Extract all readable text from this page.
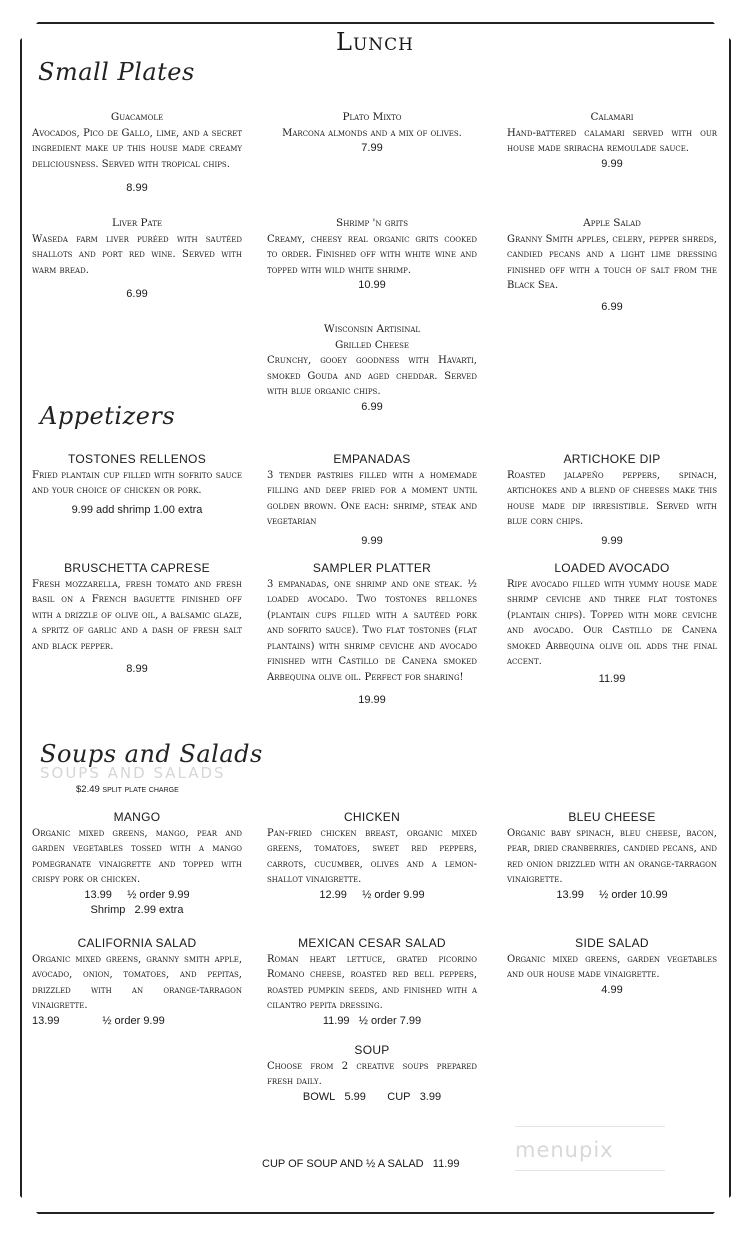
Lunch
Small Plates
Appetizers
SOUPS AND SALADS
Soups and Salads
$2.49 split plate charge
Guacamole
Avocados, Pico de Gallo, lime, and a secret ingredient make up this house made creamy deliciousness. Served with tropical chips.
8.99
Plato Mixto
Marcona almonds and a mix of olives.
7.99
Calamari
Hand-battered calamari served with our house made sriracha remoulade sauce.
9.99
Liver Pate
Waseda farm liver puréed with sautéed shallots and port red wine. Served with warm bread.
6.99
Shrimp 'n grits
Creamy, cheesy real organic grits cooked to order. Finished off with white wine and topped with wild white shrimp.
10.99
Apple Salad
Granny Smith apples, celery, pepper shreds, candied pecans and a light lime dressing finished off with a touch of salt from the Black Sea.
6.99
Wisconsin Artisinal
Grilled Cheese
Crunchy, gooey goodness with Havarti, smoked Gouda and aged cheddar. Served with blue organic chips.
6.99
TOSTONES RELLENOS
Fried plantain cup filled with sofrito sauce and your choice of chicken or pork.
9.99 add shrimp 1.00 extra
EMPANADAS
3 tender pastries filled with a homemade filling and deep fried for a moment until golden brown. One each: shrimp, steak and vegetarian
9.99
ARTICHOKE DIP
Roasted jalapeño peppers, spinach, artichokes and a blend of cheeses make this house made dip irresistible. Served with blue corn chips.
9.99
BRUSCHETTA CAPRESE
Fresh mozzarella, fresh tomato and fresh basil on a French baguette finished off with a drizzle of olive oil, a balsamic glaze, a spritz of garlic and a dash of fresh salt and black pepper.
8.99
SAMPLER PLATTER
3 empanadas, one shrimp and one steak. ½ loaded avocado. Two tostones rellones (plantain cups filled with a sautéed pork and sofrito sauce). Two flat tostones (flat plantains) with shrimp ceviche and avocado finished with Castillo de Canena smoked Arbequina olive oil. Perfect for sharing!
19.99
LOADED AVOCADO
Ripe avocado filled with yummy house made shrimp ceviche and three flat tostones (plantain chips). Topped with more ceviche and avocado. Our Castillo de Canena smoked Arbequina olive oil adds the final accent.
11.99
MANGO
Organic mixed greens, mango, pear and garden vegetables tossed with a mango pomegranate vinaigrette and topped with crispy pork or chicken.
13.99 ½ order 9.99
Shrimp 2.99 extra
CHICKEN
Pan-fried chicken breast, organic mixed greens, tomatoes, sweet red peppers, carrots, cucumber, olives and a lemon-shallot vinaigrette.
12.99 ½ order 9.99
BLEU CHEESE
Organic baby spinach, bleu cheese, bacon, pear, dried cranberries, candied pecans, and red onion drizzled with an orange-tarragon vinaigrette.
13.99 ½ order 10.99
CALIFORNIA SALAD
Organic mixed greens, granny smith apple, avocado, onion, tomatoes, and pepitas, drizzled with an orange-tarragon vinaigrette.
13.99	½ order 9.99
MEXICAN CESAR SALAD
Roman heart lettuce, grated picorino Romano cheese, roasted red bell peppers, roasted pumpkin seeds, and finished with a cilantro pepita dressing.
11.99 ½ order 7.99
SIDE SALAD
Organic mixed greens, garden vegetables and our house made vinaigrette.
4.99
SOUP
Choose from 2 creative soups prepared fresh daily.
BOWL 5.99 CUP 3.99
menupix
CUP OF SOUP AND ½ A SALAD   11.99
